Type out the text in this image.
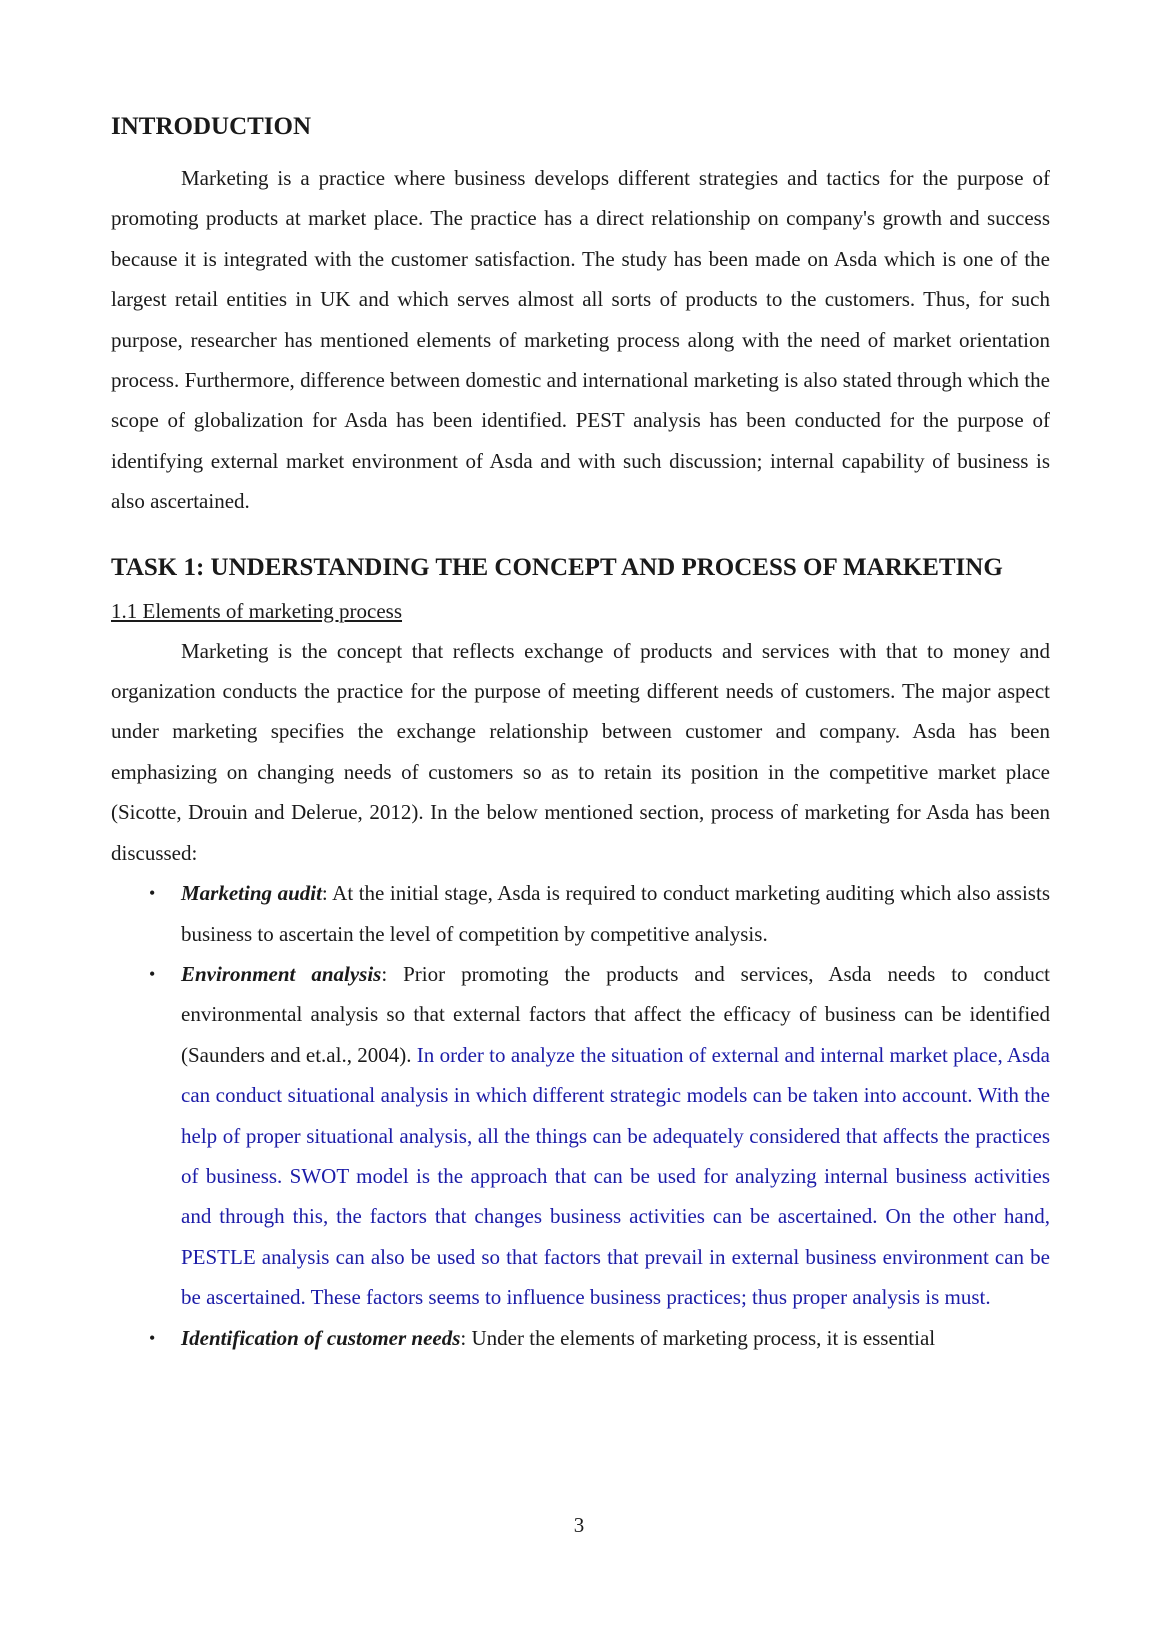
INTRODUCTION

Marketing is a practice where business develops different strategies and tactics for the purpose of promoting products at market place. The practice has a direct relationship on company's growth and success because it is integrated with the customer satisfaction. The study has been made on Asda which is one of the largest retail entities in UK and which serves almost all sorts of products to the customers. Thus, for such purpose, researcher has mentioned elements of marketing process along with the need of market orientation process. Furthermore, difference between domestic and international marketing is also stated through which the scope of globalization for Asda has been identified. PEST analysis has been conducted for the purpose of identifying external market environment of Asda and with such discussion; internal capability of business is also ascertained.

TASK 1: UNDERSTANDING THE CONCEPT AND PROCESS OF MARKETING
1.1 Elements of marketing process

Marketing is the concept that reflects exchange of products and services with that to money and organization conducts the practice for the purpose of meeting different needs of customers. The major aspect under marketing specifies the exchange relationship between customer and company. Asda has been emphasizing on changing needs of customers so as to retain its position in the competitive market place (Sicotte, Drouin and Delerue, 2012). In the below mentioned section, process of marketing for Asda has been discussed:

• Marketing audit: At the initial stage, Asda is required to conduct marketing auditing which also assists business to ascertain the level of competition by competitive analysis.
• Environment analysis: Prior promoting the products and services, Asda needs to conduct environmental analysis so that external factors that affect the efficacy of business can be identified (Saunders and et.al., 2004). In order to analyze the situation of external and internal market place, Asda can conduct situational analysis in which different strategic models can be taken into account. With the help of proper situational analysis, all the things can be adequately considered that affects the practices of business. SWOT model is the approach that can be used for analyzing internal business activities and through this, the factors that changes business activities can be ascertained. On the other hand, PESTLE analysis can also be used so that factors that prevail in external business environment can be be ascertained. These factors seems to influence business practices; thus proper analysis is must.
• Identification of customer needs: Under the elements of marketing process, it is essential
3
